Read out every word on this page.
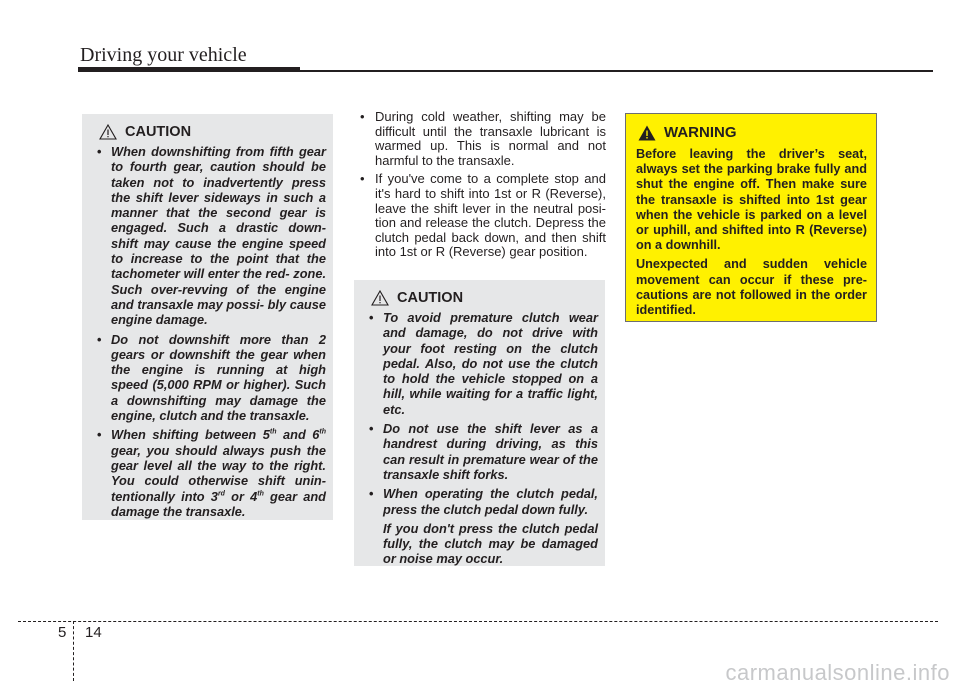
Driving your vehicle
CAUTION
• When downshifting from fifth gear to fourth gear, caution should be taken not to inadvertently press the shift lever sideways in such a manner that the second gear is engaged. Such a drastic down- shift may cause the engine speed to increase to the point that the tachometer will enter the red- zone. Such over-revving of the engine and transaxle may possi- bly cause engine damage.
• Do not downshift more than 2 gears or downshift the gear when the engine is running at high speed (5,000 RPM or higher). Such a downshifting may damage the engine, clutch and the transaxle.
• When shifting between 5th and 6th gear, you should always push the gear level all the way to the right. You could otherwise shift unin- tentionally into 3rd or 4th gear and damage the transaxle.
• During cold weather, shifting may be difficult until the transaxle lubricant is warmed up. This is normal and not harmful to the transaxle.
• If you've come to a complete stop and it's hard to shift into 1st or R (Reverse), leave the shift lever in the neutral posi- tion and release the clutch. Depress the clutch pedal back down, and then shift into 1st or R (Reverse) gear position.
CAUTION
• To avoid premature clutch wear and damage, do not drive with your foot resting on the clutch pedal. Also, do not use the clutch to hold the vehicle stopped on a hill, while waiting for a traffic light, etc.
• Do not use the shift lever as a handrest during driving, as this can result in premature wear of the transaxle shift forks.
• When operating the clutch pedal, press the clutch pedal down fully.
If you don't press the clutch pedal fully, the clutch may be damaged or noise may occur.
WARNING

Before leaving the driver’s seat, always set the parking brake fully and shut the engine off. Then make sure the transaxle is shifted into 1st gear when the vehicle is parked on a level or uphill, and shifted into R (Reverse) on a downhill.

Unexpected and sudden vehicle movement can occur if these pre- cautions are not followed in the order identified.

5 14
carmanualsonline.info
